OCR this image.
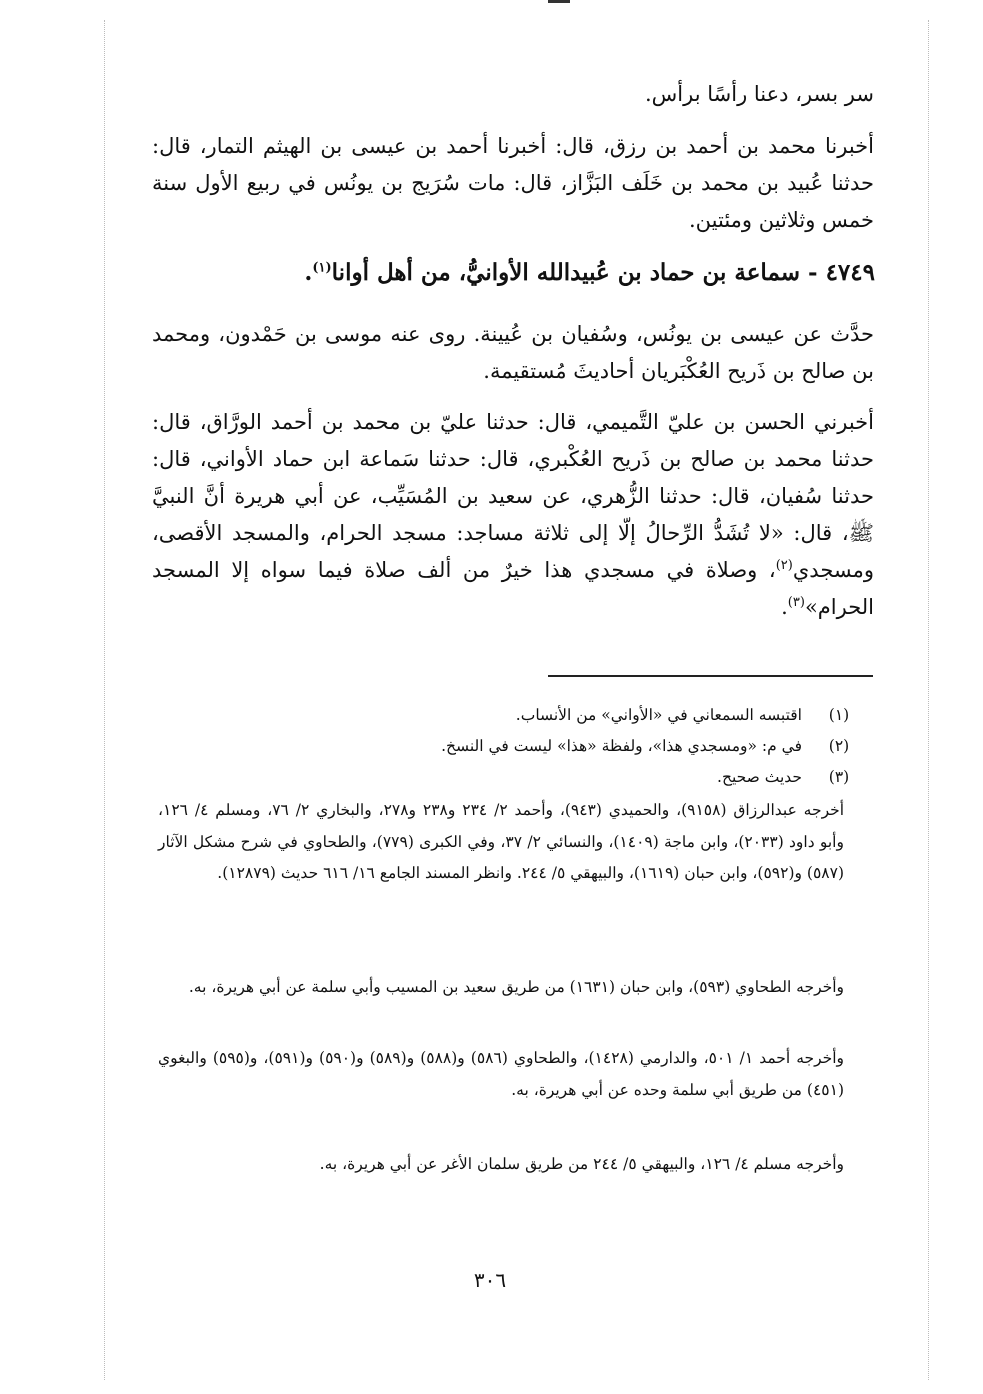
سر بسر، دعنا رأسًا برأس.
أخبرنا محمد بن أحمد بن رزق، قال: أخبرنا أحمد بن عيسى بن الهيثم التمار، قال: حدثنا عُبيد بن محمد بن خَلَف البَزَّاز، قال: مات سُرَيج بن يونُس في ربيع الأول سنة خمس وثلاثين ومئتين.
٤٧٤٩ - سماعة بن حماد بن عُبيدالله الأوانيُّ، من أهل أوانا$^{(١)}$.
حدَّث عن عيسى بن يونُس، وسُفيان بن عُيينة. روى عنه موسى بن حَمْدون، ومحمد بن صالح بن ذَريح العُكْبَريان أحاديثَ مُستقيمة.
أخبرني الحسن بن عليّ التَّميمي، قال: حدثنا عليّ بن محمد بن أحمد الورَّاق، قال: حدثنا محمد بن صالح بن ذَريح العُكْبري، قال: حدثنا سَماعة ابن حماد الأواني، قال: حدثنا سُفيان، قال: حدثنا الزُّهري، عن سعيد بن المُسَيِّب، عن أبي هريرة أنَّ النبيَّ ﷺ، قال: «لا تُشَدُّ الرِّحالُ إلّا إلى ثلاثة مساجد: مسجد الحرام، والمسجد الأقصى، ومسجدي$^{(٢)}$، وصلاة في مسجدي هذا خيرٌ من ألف صلاة فيما سواه إلا المسجد الحرام»$^{(٣)}$.
(١)
اقتبسه السمعاني في «الأواني» من الأنساب.
(٢)
في م: «ومسجدي هذا»، ولفظة «هذا» ليست في النسخ.
(٣)
حديث صحيح.
أخرجه عبدالرزاق (٩١٥٨)، والحميدي (٩٤٣)، وأحمد ٢/ ٢٣٤ و٢٣٨ و٢٧٨، والبخاري ٢/ ٧٦، ومسلم ٤/ ١٢٦، وأبو داود (٢٠٣٣)، وابن ماجة (١٤٠٩)، والنسائي ٢/ ٣٧، وفي الكبرى (٧٧٩)، والطحاوي في شرح مشكل الآثار (٥٨٧) و(٥٩٢)، وابن حبان (١٦١٩)، والبيهقي ٥/ ٢٤٤. وانظر المسند الجامع ١٦/ ٦١٦ حديث (١٢٨٧٩).
وأخرجه الطحاوي (٥٩٣)، وابن حبان (١٦٣١) من طريق سعيد بن المسيب وأبي سلمة عن أبي هريرة، به.
وأخرجه أحمد ١/ ٥٠١، والدارمي (١٤٢٨)، والطحاوي (٥٨٦) و(٥٨٨) و(٥٨٩) و(٥٩٠) و(٥٩١)، و(٥٩٥) والبغوي (٤٥١) من طريق أبي سلمة وحده عن أبي هريرة، به.
وأخرجه مسلم ٤/ ١٢٦، والبيهقي ٥/ ٢٤٤ من طريق سلمان الأغر عن أبي هريرة، به.
٣٠٦
